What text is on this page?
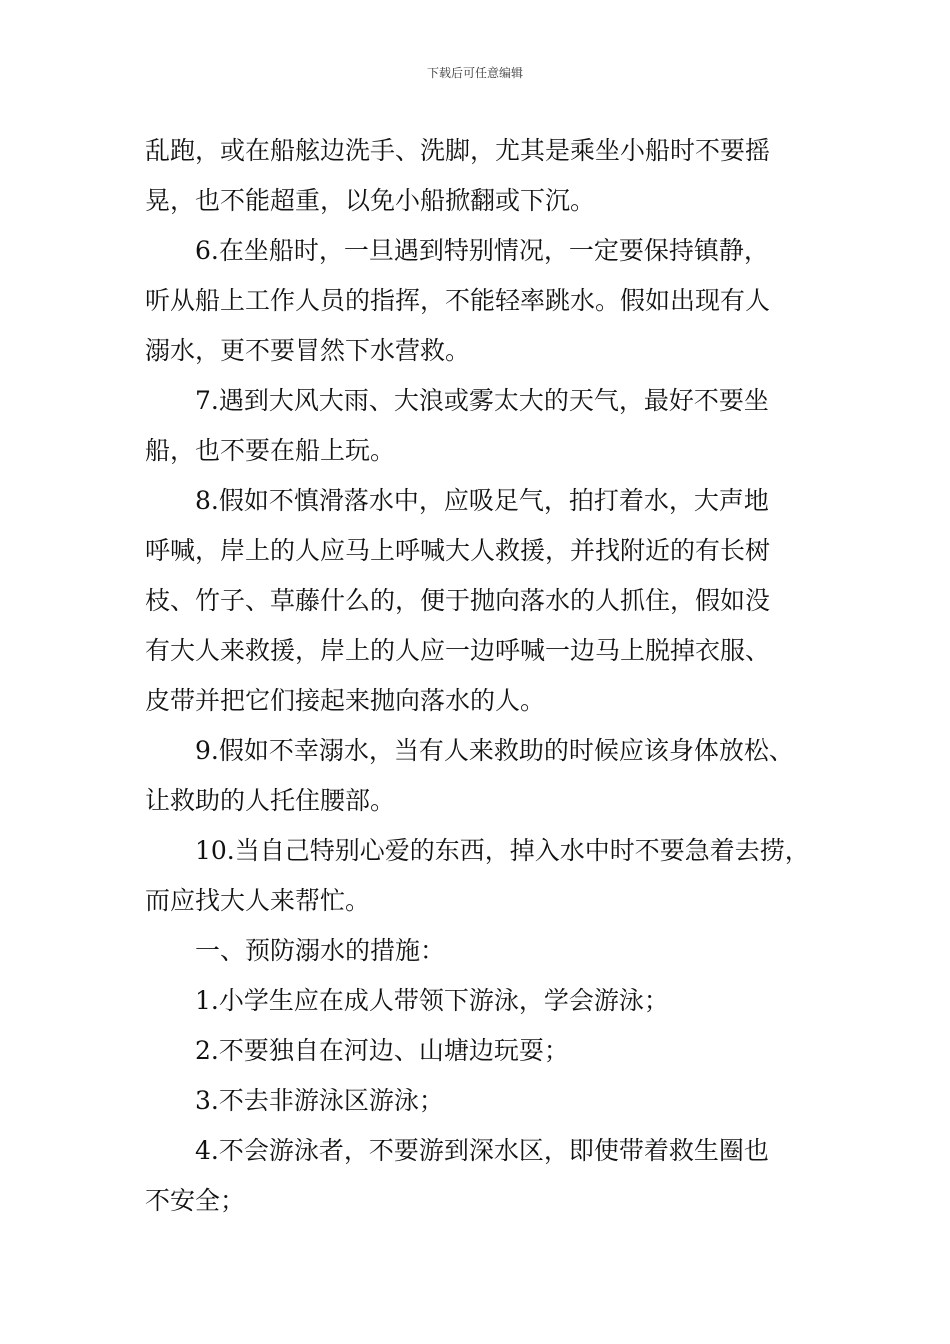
下载后可任意编辑
乱跑，或在船舷边洗手、洗脚，尤其是乘坐小船时不要摇
晃，也不能超重，以免小船掀翻或下沉。
6.在坐船时，一旦遇到特别情况，一定要保持镇静，
听从船上工作人员的指挥，不能轻率跳水。假如出现有人
溺水，更不要冒然下水营救。
7.遇到大风大雨、大浪或雾太大的天气，最好不要坐
船，也不要在船上玩。
8.假如不慎滑落水中，应吸足气，拍打着水，大声地
呼喊，岸上的人应马上呼喊大人救援，并找附近的有长树
枝、竹子、草藤什么的，便于抛向落水的人抓住，假如没
有大人来救援，岸上的人应一边呼喊一边马上脱掉衣服、
皮带并把它们接起来抛向落水的人。
9.假如不幸溺水，当有人来救助的时候应该身体放松、
让救助的人托住腰部。
10.当自己特别心爱的东西，掉入水中时不要急着去捞，
而应找大人来帮忙。
一、预防溺水的措施：
1.小学生应在成人带领下游泳，学会游泳；
2.不要独自在河边、山塘边玩耍；
3.不去非游泳区游泳；
4.不会游泳者，不要游到深水区，即使带着救生圈也
不安全；
